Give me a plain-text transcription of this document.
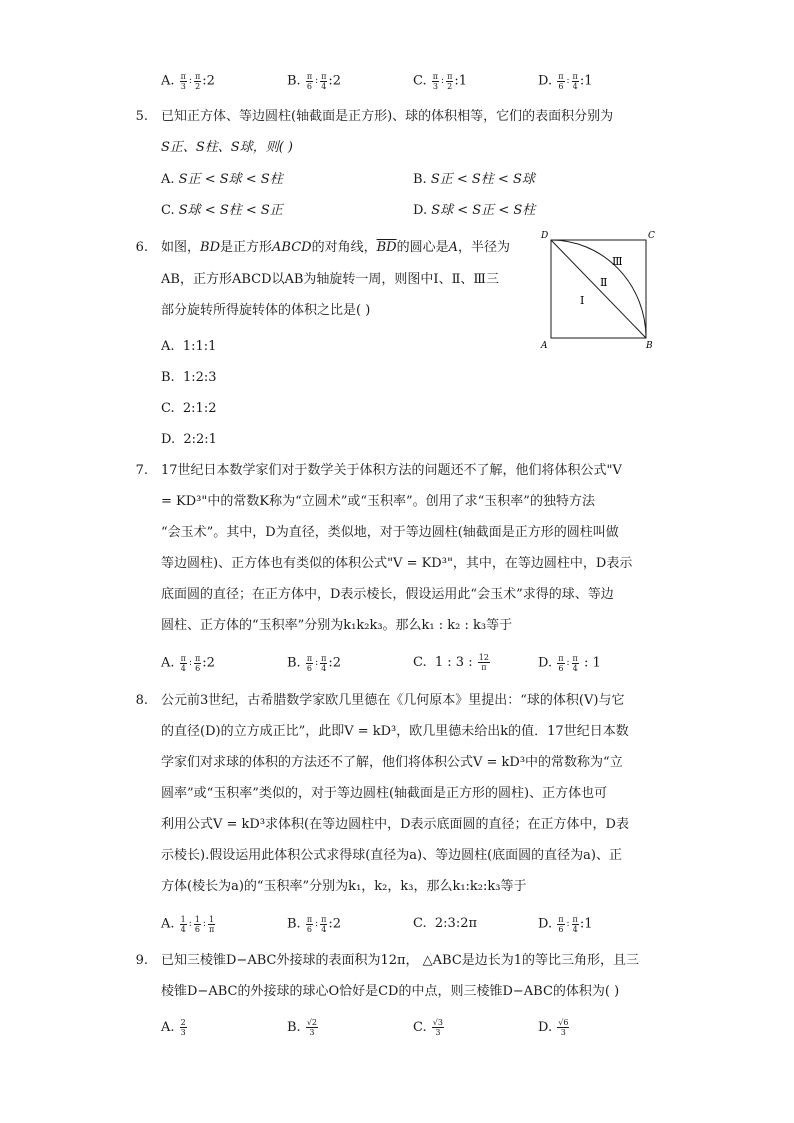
A. $\frac{\pi}{3}$ : $\frac{\pi}{2}$ :2	B. $\frac{\pi}{6}$ : $\frac{\pi}{4}$ :2	C. $\frac{\pi}{3}$ : $\frac{\pi}{2}$ :1	D. $\frac{\pi}{6}$ : $\frac{\pi}{4}$ :1
5. 已知正方体、等边圆柱(轴截面是正方形)、球的体积相等，它们的表面积分别为
S正、S柱、S球，则( )
A. S正 < S球 < S柱	B. S正 < S柱 < S球
C. S球 < S柱 < S正	D. S球 < S正 < S柱
6. 如图，BD是正方形ABCD的对角线，$\overline{BD}$的圆心是A，半径为
AB，正方形ABCD以AB为轴旋转一周，则图中Ⅰ、Ⅱ、Ⅲ三
部分旋转所得旋转体的体积之比是( )
A. 1:1:1
B. 1:2:3
C. 2:1:2
D. 2:2:1
D	C
A	B
Ⅰ
Ⅱ
Ⅲ
7. 17世纪日本数学家们对于数学关于体积方法的问题还不了解，他们将体积公式"V
= KD³"中的常数K称为“立圆术”或“玉积率”。创用了求“玉积率”的独特方法
“会玉术”。其中，D为直径，类似地，对于等边圆柱(轴截面是正方形的圆柱叫做
等边圆柱)、正方体也有类似的体积公式"V = KD³"，其中，在等边圆柱中，D表示
底面圆的直径；在正方体中，D表示棱长，假设运用此“会玉术”求得的球、等边
圆柱、正方体的“玉积率”分别为k₁k₂k₃。那么k₁ : k₂ : k₃等于
A. $\frac{\pi}{4}$ : $\frac{\pi}{6}$ :2	B. $\frac{\pi}{6}$ : $\frac{\pi}{4}$ :2	C. 1 : 3 : $\frac{12}{\pi}$	D. $\frac{\pi}{6}$ : $\frac{\pi}{4}$ : 1
8. 公元前3世纪，古希腊数学家欧几里德在《几何原本》里提出：“球的体积(V)与它
的直径(D)的立方成正比”，此即V = kD³，欧几里德未给出k的值．17世纪日本数
学家们对求球的体积的方法还不了解，他们将体积公式V = kD³中的常数称为“立
圆率”或“玉积率”类似的，对于等边圆柱(轴截面是正方形的圆柱)、正方体也可
利用公式V = kD³求体积(在等边圆柱中，D表示底面圆的直径；在正方体中，D表
示棱长).假设运用此体积公式求得球(直径为a)、等边圆柱(底面圆的直径为a)、正
方体(棱长为a)的“玉积率”分别为k₁，k₂，k₃，那么k₁:k₂:k₃等于
A. $\frac{1}{4}$ : $\frac{1}{6}$ : $\frac{1}{\pi}$	B. $\frac{\pi}{6}$ : $\frac{\pi}{4}$ :2	C. 2:3:2π	D. $\frac{\pi}{6}$ : $\frac{\pi}{4}$ :1
9. 已知三棱锥D−ABC外接球的表面积为12π， △ABC是边长为1的等比三角形，且三
棱锥D−ABC的外接球的球心O恰好是CD的中点，则三棱锥D−ABC的体积为( )
A. $\frac{2}{3}$	B. $\frac{√2}{3}$	C. $\frac{√3}{3}$	D. $\frac{√6}{3}$
